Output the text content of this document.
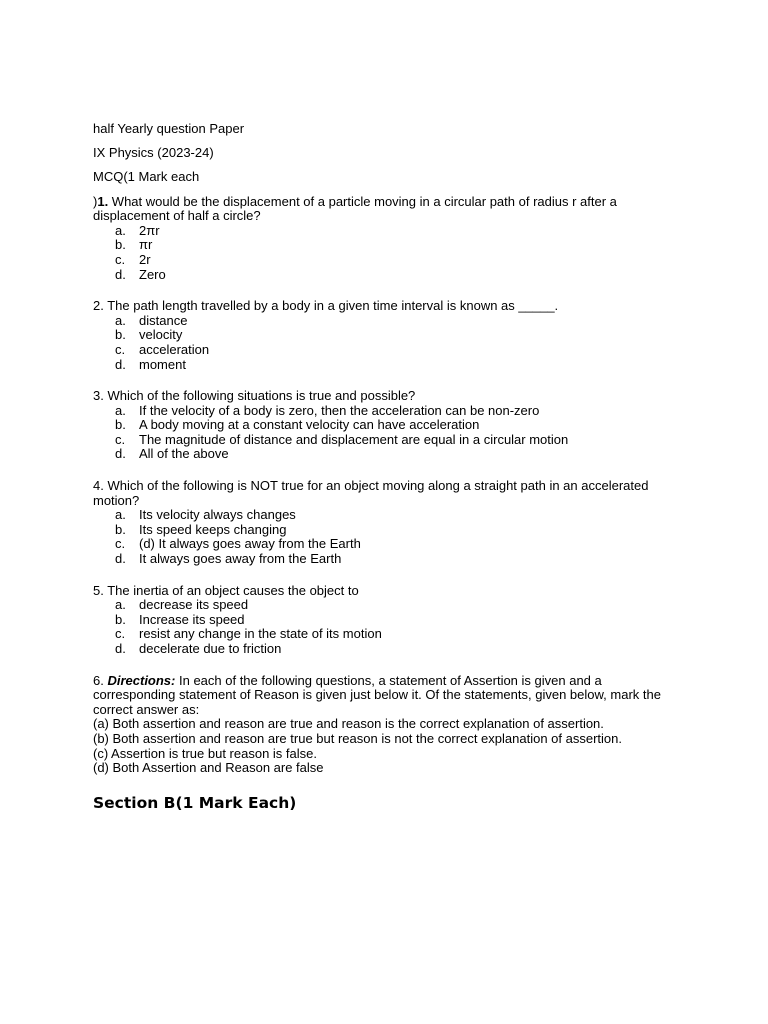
half Yearly question Paper

IX Physics (2023-24)

MCQ(1 Mark each

)1. What would be the displacement of a particle moving in a circular path of radius r after a displacement of half a circle?

a.	2πr
b.	πr
c.	2r
d.	Zero

2. The path length travelled by a body in a given time interval is known as _____.

a.	distance
b.	velocity
c.	acceleration
d.	moment

3. Which of the following situations is true and possible?

a.	If the velocity of a body is zero, then the acceleration can be non-zero
b.	A body moving at a constant velocity can have acceleration
c.	The magnitude of distance and displacement are equal in a circular motion
d.	All of the above

4. Which of the following is NOT true for an object moving along a straight path in an accelerated motion?

a.	Its velocity always changes
b.	Its speed keeps changing
c.	(d) It always goes away from the Earth
d.	It always goes away from the Earth

5. The inertia of an object causes the object to

a.	decrease its speed
b.	Increase its speed
c.	resist any change in the state of its motion
d.	decelerate due to friction

6. Directions: In each of the following questions, a statement of Assertion is given and a corresponding statement of Reason is given just below it. Of the statements, given below, mark the correct answer as:

(a) Both assertion and reason are true and reason is the correct explanation of assertion.

(b) Both assertion and reason are true but reason is not the correct explanation of assertion.

(c) Assertion is true but reason is false.

(d) Both Assertion and Reason are false

Section B(1 Mark Each)
